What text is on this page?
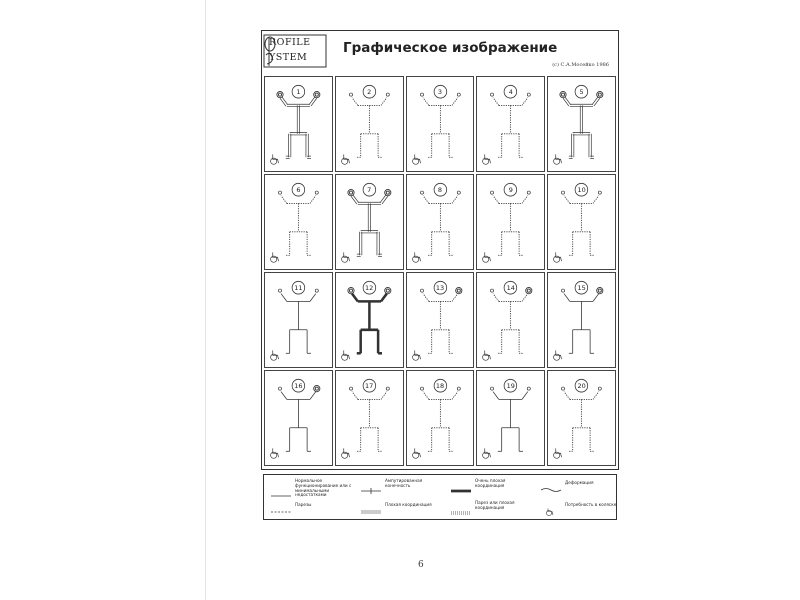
ROFILE
YSTEM
Графическое изображение
(c) С.А.Мосейко 1986
1	2	3	4	5
6	7	8	9	10
11	12	13	14	15
16	17	18	19	20
Нормальное функционирование или с минимальными недостатками
Ампутированная конечность
Очень плохая координация
Деформация
Парезы	Плохая координация	Парез или плохая координация
Потребность в коляске
6
